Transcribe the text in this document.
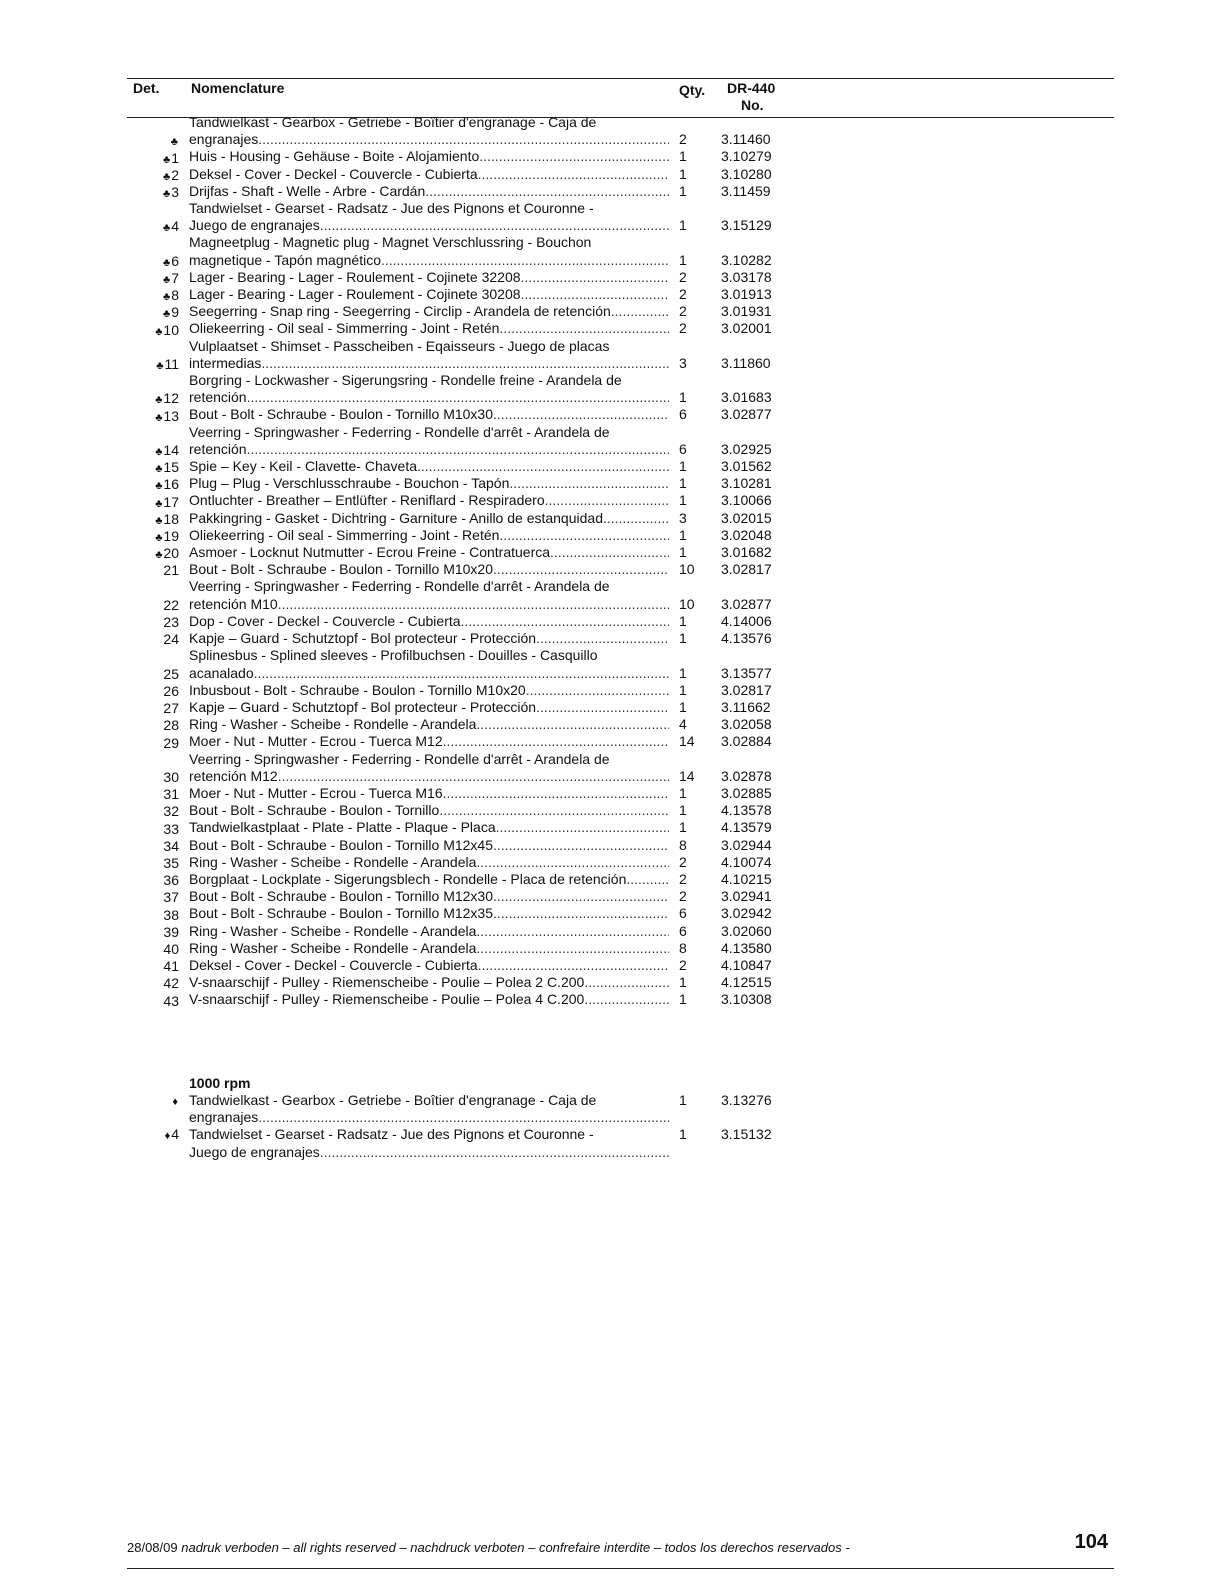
Det. Nomenclature	Qty. DR-440
No.
♣
Tandwielkast - Gearbox - Getriebe - Boîtier d'engranage - Caja de
engranajes .....	2	3.11460
♣1 Huis - Housing - Gehäuse - Boite - Alojamiento .....	1	3.10279
♣2 Deksel - Cover - Deckel - Couvercle - Cubierta .....	1	3.10280
♣3 Drijfas - Shaft - Welle - Arbre - Cardán .....	1	3.11459
♣4
Tandwielset - Gearset - Radsatz - Jue des Pignons et Couronne -
Juego de engranajes .....	1	3.15129
♣6
Magneetplug - Magnetic plug - Magnet Verschlussring - Bouchon
magnetique - Tapón magnético .....	1	3.10282
♣7 Lager - Bearing - Lager - Roulement - Cojinete 32208 .....	2	3.03178
♣8 Lager - Bearing - Lager - Roulement - Cojinete 30208 .....	2	3.01913
♣9 Seegerring - Snap ring - Seegerring - Circlip - Arandela de retención .....	2	3.01931
♣10 Oliekeerring - Oil seal - Simmerring - Joint - Retén .....	2	3.02001
♣11
Vulplaatset - Shimset - Passcheiben - Eqaisseurs - Juego de placas
intermedias .....	3	3.11860
♣12
Borgring - Lockwasher - Sigerungsring - Rondelle freine - Arandela de
retención .....	1	3.01683
♣13 Bout - Bolt - Schraube - Boulon - Tornillo M10x30 .....	6	3.02877
♣14
Veerring - Springwasher - Federring - Rondelle d'arrêt - Arandela de
retención .....	6	3.02925
♣15 Spie – Key - Keil - Clavette- Chaveta .....	1	3.01562
♣16 Plug – Plug - Verschlusschraube - Bouchon - Tapón .....	1	3.10281
♣17 Ontluchter - Breather – Entlüfter - Reniflard - Respiradero .....	1	3.10066
♣18 Pakkingring - Gasket - Dichtring - Garniture - Anillo de estanquidad .....	3	3.02015
♣19 Oliekeerring - Oil seal - Simmerring - Joint - Retén .....	1	3.02048
♣20 Asmoer - Locknut Nutmutter - Ecrou Freine - Contratuerca .....	1	3.01682
21 Bout - Bolt - Schraube - Boulon - Tornillo M10x20 .....	10	3.02817
22
Veerring - Springwasher - Federring - Rondelle d'arrêt - Arandela de
retención M10 .....	10	3.02877
23 Dop - Cover - Deckel - Couvercle - Cubierta .....	1	4.14006
24 Kapje – Guard - Schutztopf - Bol protecteur - Protección .....	1	4.13576
25
Splinesbus - Splined sleeves - Profilbuchsen - Douilles - Casquillo
acanalado .....	1	3.13577
26 Inbusbout - Bolt - Schraube - Boulon - Tornillo M10x20 .....	1	3.02817
27 Kapje – Guard - Schutztopf - Bol protecteur - Protección .....	1	3.11662
28 Ring - Washer - Scheibe - Rondelle - Arandela .....	4	3.02058
29 Moer - Nut - Mutter - Ecrou - Tuerca M12 .....	14	3.02884
30
Veerring - Springwasher - Federring - Rondelle d'arrêt - Arandela de
retención M12 .....	14	3.02878
31 Moer - Nut - Mutter - Ecrou - Tuerca M16 .....	1	3.02885
32 Bout - Bolt - Schraube - Boulon - Tornillo .....	1	4.13578
33 Tandwielkastplaat - Plate - Platte - Plaque - Placa .....	1	4.13579
34 Bout - Bolt - Schraube - Boulon - Tornillo M12x45 .....	8	3.02944
35 Ring - Washer - Scheibe - Rondelle - Arandela .....	2	4.10074
36 Borgplaat - Lockplate - Sigerungsblech - Rondelle - Placa de retención .....	2	4.10215
37 Bout - Bolt - Schraube - Boulon - Tornillo M12x30 .....	2	3.02941
38 Bout - Bolt - Schraube - Boulon - Tornillo M12x35 .....	6	3.02942
39 Ring - Washer - Scheibe - Rondelle - Arandela .....	6	3.02060
40 Ring - Washer - Scheibe - Rondelle - Arandela .....	8	4.13580
41 Deksel - Cover - Deckel - Couvercle - Cubierta .....	2	4.10847
42 V-snaarschijf - Pulley - Riemenscheibe - Poulie – Polea 2 C.200 .....	1	4.12515
43 V-snaarschijf - Pulley - Riemenscheibe - Poulie – Polea 4 C.200 .....	1	3.10308
1000 rpm
♦ Tandwielkast - Gearbox - Getriebe - Boîtier d'engranage - Caja de
engranajes
.....
1	3.13276
♦4 Tandwielset - Gearset - Radsatz - Jue des Pignons et Couronne -
Juego de engranajes
.....
1	3.15132
28/08/09 nadruk verboden – all rights reserved – nachdruck verboten – confrefaire interdite – todos los derechos reservados -	104
